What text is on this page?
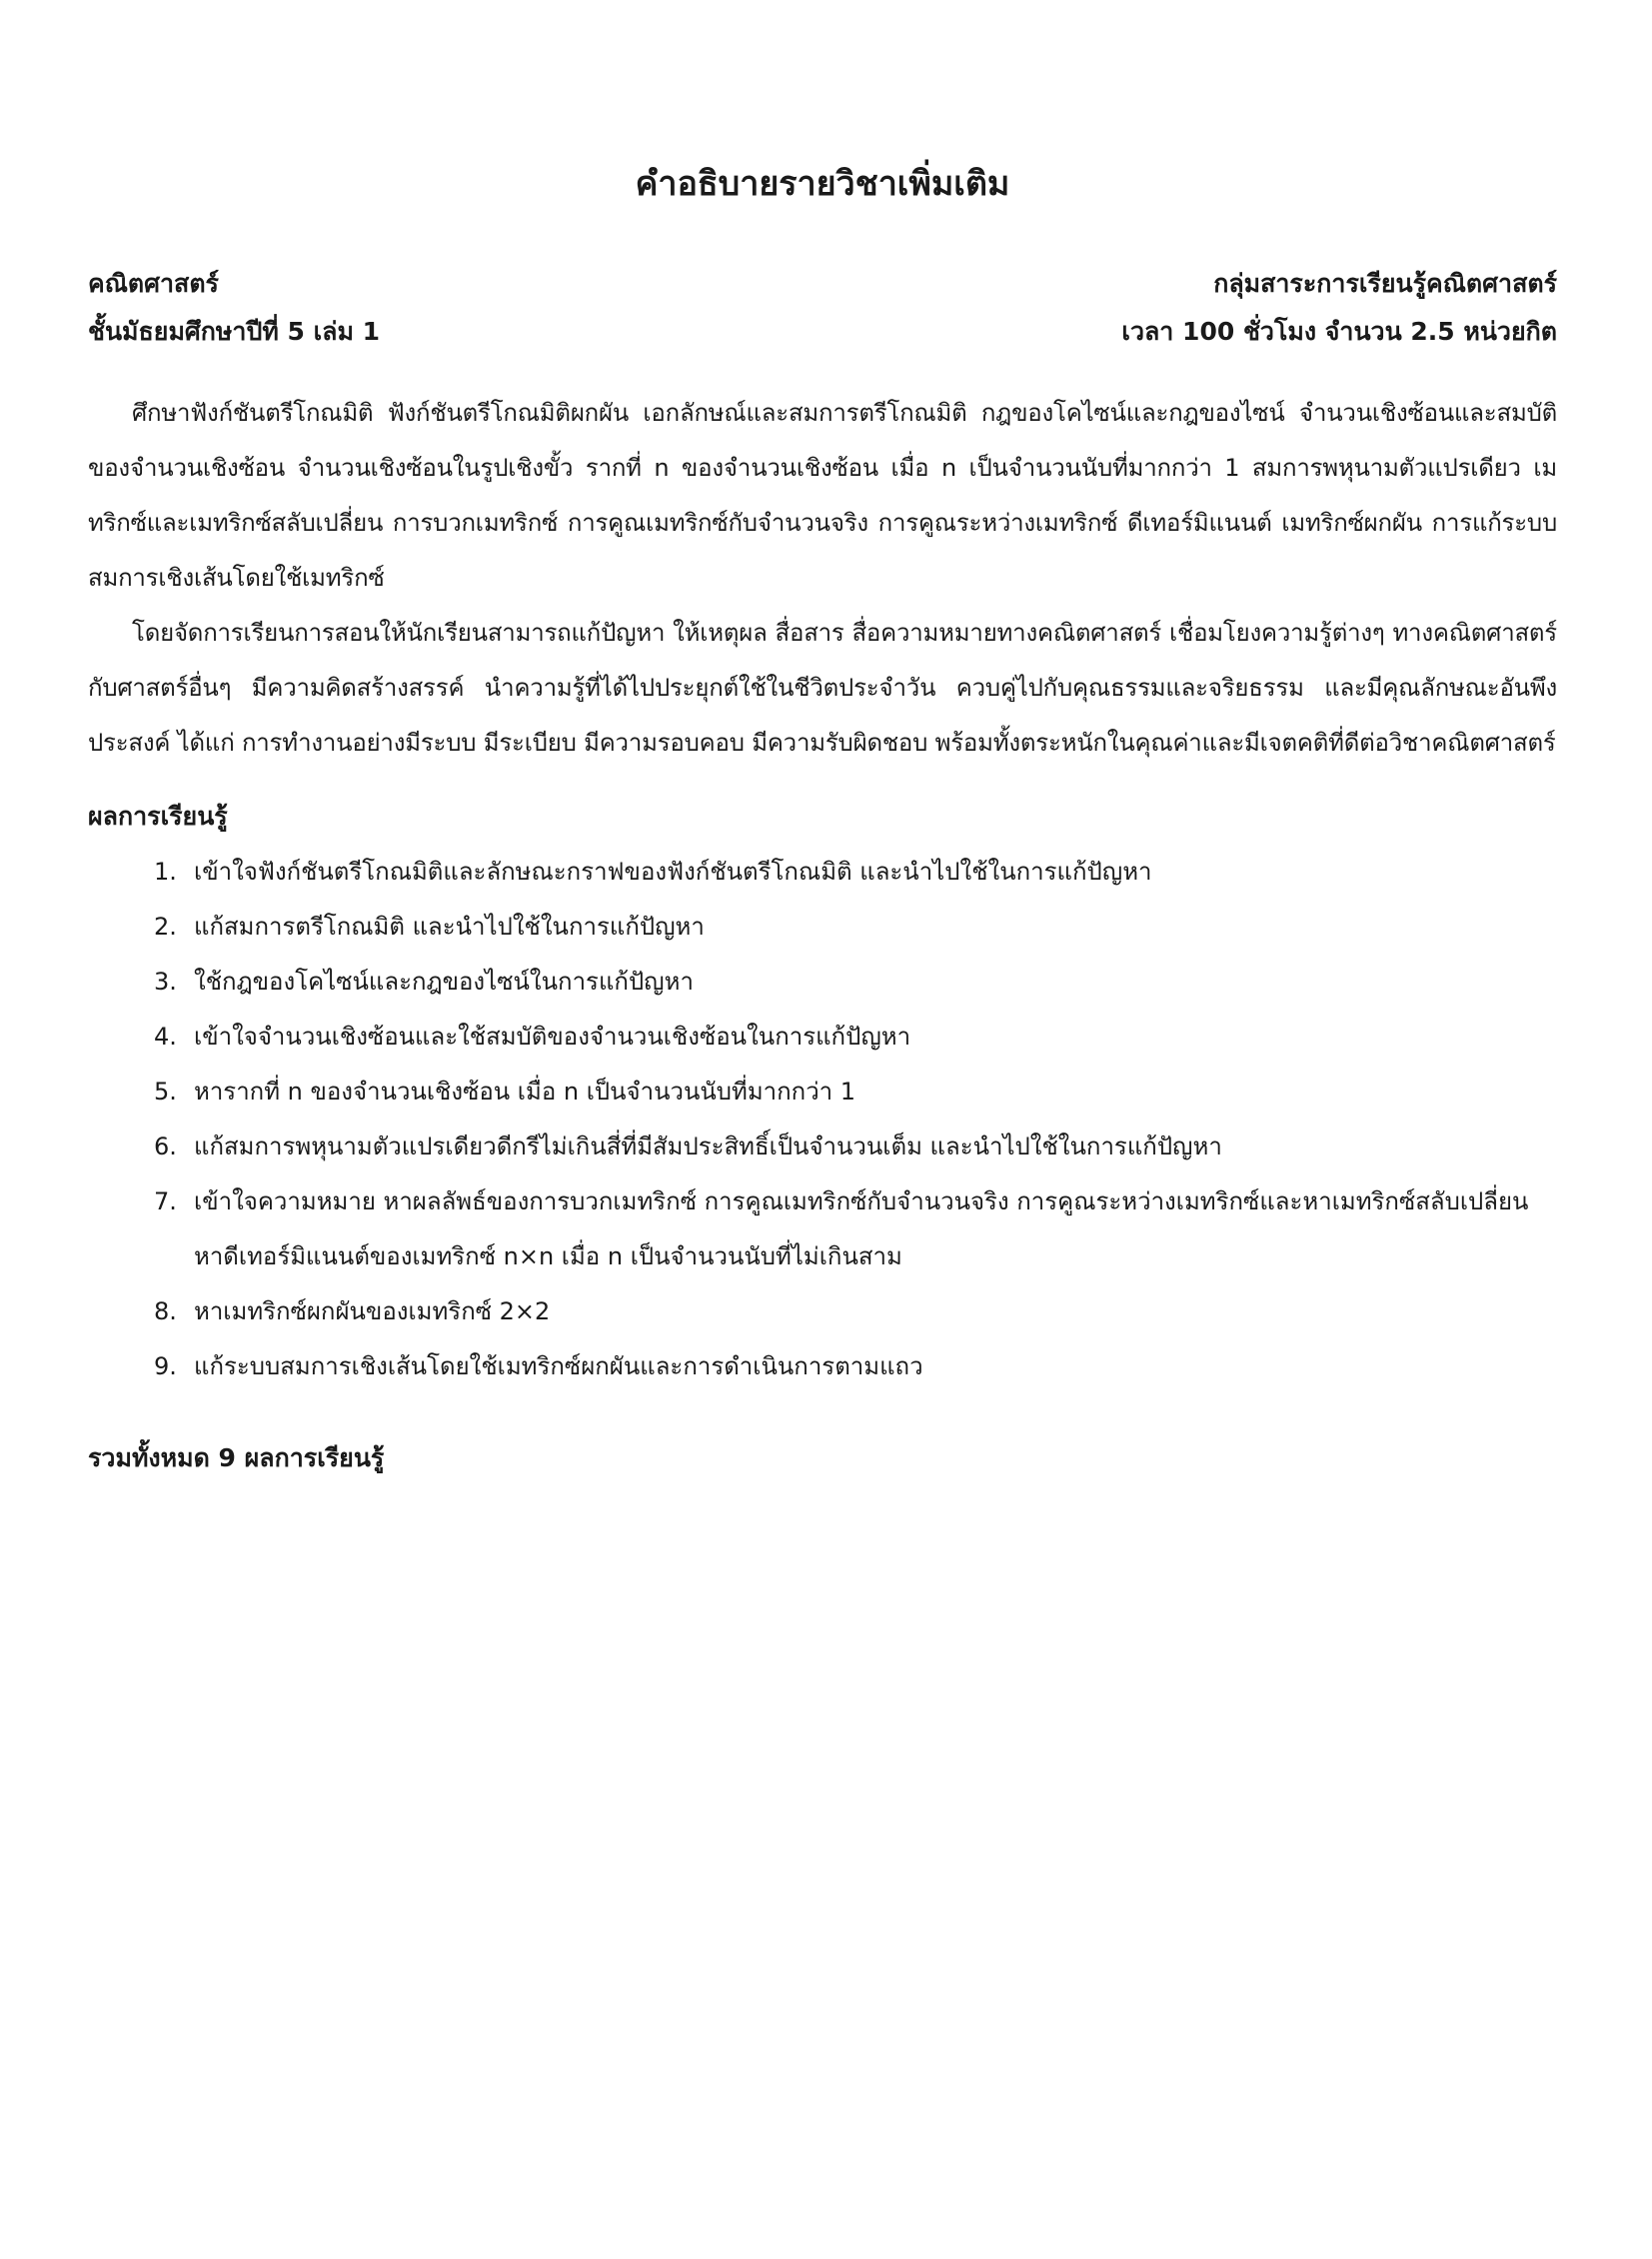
คำอธิบายรายวิชาเพิ่มเติม
คณิตศาสตร์	กลุ่มสาระการเรียนรู้คณิตศาสตร์
ชั้นมัธยมศึกษาปีที่ 5 เล่ม 1	เวลา 100 ชั่วโมง จำนวน 2.5 หน่วยกิต

ศึกษาฟังก์ชันตรีโกณมิติ ฟังก์ชันตรีโกณมิติผกผัน เอกลักษณ์และสมการตรีโกณมิติ กฎของโคไซน์และกฎของไซน์ จำนวนเชิงซ้อนและสมบัติของจำนวนเชิงซ้อน จำนวนเชิงซ้อนในรูปเชิงขั้ว รากที่ n ของจำนวนเชิงซ้อน เมื่อ n เป็นจำนวนนับที่มากกว่า 1 สมการพหุนามตัวแปรเดียว เมทริกซ์และเมทริกซ์สลับเปลี่ยน การบวกเมทริกซ์ การคูณเมทริกซ์กับจำนวนจริง การคูณระหว่างเมทริกซ์ ดีเทอร์มิแนนต์ เมทริกซ์ผกผัน การแก้ระบบสมการเชิงเส้นโดยใช้เมทริกซ์

โดยจัดการเรียนการสอนให้นักเรียนสามารถแก้ปัญหา ให้เหตุผล สื่อสาร สื่อความหมายทางคณิตศาสตร์ เชื่อมโยงความรู้ต่างๆ ทางคณิตศาสตร์กับศาสตร์อื่นๆ มีความคิดสร้างสรรค์ นำความรู้ที่ได้ไปประยุกต์ใช้ในชีวิตประจำวัน ควบคู่ไปกับคุณธรรมและจริยธรรม และมีคุณลักษณะอันพึงประสงค์ ได้แก่ การทำงานอย่างมีระบบ มีระเบียบ มีความรอบคอบ มีความรับผิดชอบ พร้อมทั้งตระหนักในคุณค่าและมีเจตคติที่ดีต่อวิชาคณิตศาสตร์

ผลการเรียนรู้
1. เข้าใจฟังก์ชันตรีโกณมิติและลักษณะกราฟของฟังก์ชันตรีโกณมิติ และนำไปใช้ในการแก้ปัญหา
2. แก้สมการตรีโกณมิติ และนำไปใช้ในการแก้ปัญหา
3. ใช้กฎของโคไซน์และกฎของไซน์ในการแก้ปัญหา
4. เข้าใจจำนวนเชิงซ้อนและใช้สมบัติของจำนวนเชิงซ้อนในการแก้ปัญหา
5. หารากที่ n ของจำนวนเชิงซ้อน เมื่อ n เป็นจำนวนนับที่มากกว่า 1
6. แก้สมการพหุนามตัวแปรเดียวดีกรีไม่เกินสี่ที่มีสัมประสิทธิ์เป็นจำนวนเต็ม และนำไปใช้ในการแก้ปัญหา
7. เข้าใจความหมาย หาผลลัพธ์ของการบวกเมทริกซ์ การคูณเมทริกซ์กับจำนวนจริง การคูณระหว่างเมทริกซ์และหาเมทริกซ์สลับเปลี่ยน หาดีเทอร์มิแนนต์ของเมทริกซ์ n×n เมื่อ n เป็นจำนวนนับที่ไม่เกินสาม
8. หาเมทริกซ์ผกผันของเมทริกซ์ 2×2
9. แก้ระบบสมการเชิงเส้นโดยใช้เมทริกซ์ผกผันและการดำเนินการตามแถว
รวมทั้งหมด 9 ผลการเรียนรู้
